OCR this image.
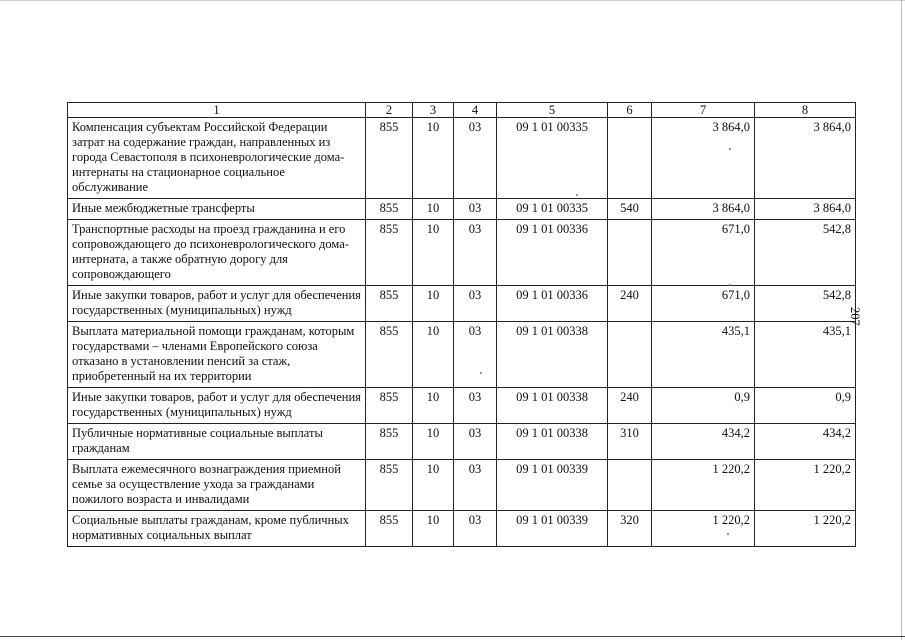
1	2	3	4	5	6	7	8
Компенсация субъектам Российской Федерации затрат на содержание граждан, направленных из города Севастополя в психоневрологические дома-интернаты на стационарное социальное обслуживание	855	10	03	09 1 01 00335		3 864,0	3 864,0
Иные межбюджетные трансферты	855	10	03	09 1 01 00335	540	3 864,0	3 864,0
Транспортные расходы на проезд гражданина и его сопровождающего до психоневрологического дома-интерната, а также обратную дорогу для сопровождающего	855	10	03	09 1 01 00336		671,0	542,8
Иные закупки товаров, работ и услуг для обеспечения государственных (муниципальных) нужд	855	10	03	09 1 01 00336	240	671,0	542,8
Выплата материальной помощи гражданам, которым государствами – членами Европейского союза отказано в установлении пенсий за стаж, приобретенный на их территории	855	10	03	09 1 01 00338		435,1	435,1
Иные закупки товаров, работ и услуг для обеспечения государственных (муниципальных) нужд	855	10	03	09 1 01 00338	240	0,9	0,9
Публичные нормативные социальные выплаты гражданам	855	10	03	09 1 01 00338	310	434,2	434,2
Выплата ежемесячного вознаграждения приемной семье за осуществление ухода за гражданами пожилого возраста и инвалидами	855	10	03	09 1 01 00339		1 220,2	1 220,2
Социальные выплаты гражданам, кроме публичных нормативных социальных выплат	855	10	03	09 1 01 00339	320	1 220,2	1 220,2
207
